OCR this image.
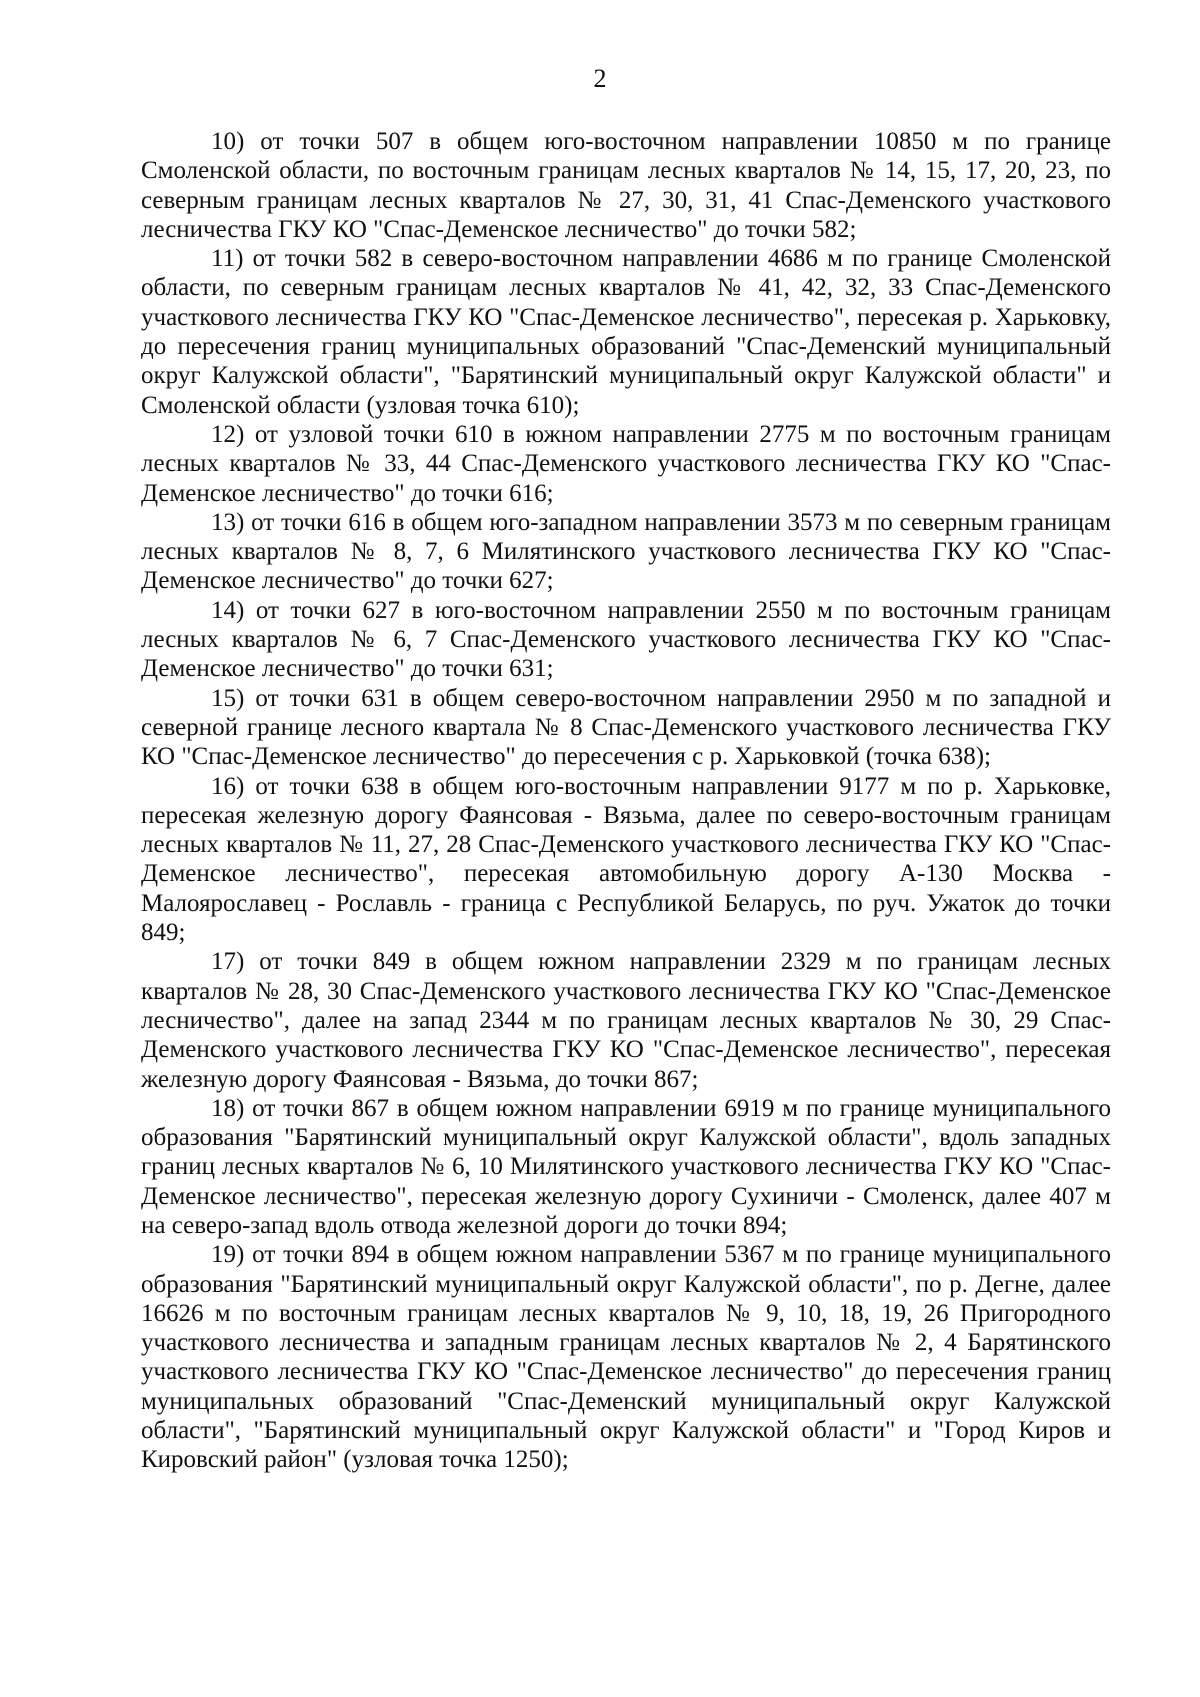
2

10) от точки 507 в общем юго-восточном направлении 10850 м по границе Смоленской области, по восточным границам лесных кварталов № 14, 15, 17, 20, 23, по северным границам лесных кварталов № 27, 30, 31, 41 Спас-Деменского участкового лесничества ГКУ КО "Спас-Деменское лесничество" до точки 582;

11) от точки 582 в северо-восточном направлении 4686 м по границе Смоленской области, по северным границам лесных кварталов № 41, 42, 32, 33 Спас-Деменского участкового лесничества ГКУ КО "Спас-Деменское лесничество", пересекая р. Харьковку, до пересечения границ муниципальных образований "Спас-Деменский муниципальный округ Калужской области", "Барятинский муниципальный округ Калужской области" и Смоленской области (узловая точка 610);

12) от узловой точки 610 в южном направлении 2775 м по восточным границам лесных кварталов № 33, 44 Спас-Деменского участкового лесничества ГКУ КО "Спас-Деменское лесничество" до точки 616;

13) от точки 616 в общем юго-западном направлении 3573 м по северным границам лесных кварталов № 8, 7, 6 Милятинского участкового лесничества ГКУ КО "Спас-Деменское лесничество" до точки 627;

14) от точки 627 в юго-восточном направлении 2550 м по восточным границам лесных кварталов № 6, 7 Спас-Деменского участкового лесничества ГКУ КО "Спас-Деменское лесничество" до точки 631;

15) от точки 631 в общем северо-восточном направлении 2950 м по западной и северной границе лесного квартала № 8 Спас-Деменского участкового лесничества ГКУ КО "Спас-Деменское лесничество" до пересечения с р. Харьковкой (точка 638);

16) от точки 638 в общем юго-восточным направлении 9177 м по р. Харьковке, пересекая железную дорогу Фаянсовая - Вязьма, далее по северо-восточным границам лесных кварталов № 11, 27, 28 Спас-Деменского участкового лесничества ГКУ КО "Спас-Деменское лесничество", пересекая автомобильную дорогу А-130 Москва - Малоярославец - Рославль - граница с Республикой Беларусь, по руч. Ужаток до точки 849;

17) от точки 849 в общем южном направлении 2329 м по границам лесных кварталов № 28, 30 Спас-Деменского участкового лесничества ГКУ КО "Спас-Деменское лесничество", далее на запад 2344 м по границам лесных кварталов № 30, 29 Спас-Деменского участкового лесничества ГКУ КО "Спас-Деменское лесничество", пересекая железную дорогу Фаянсовая - Вязьма, до точки 867;

18) от точки 867 в общем южном направлении 6919 м по границе муниципального образования "Барятинский муниципальный округ Калужской области", вдоль западных границ лесных кварталов № 6, 10 Милятинского участкового лесничества ГКУ КО "Спас-Деменское лесничество", пересекая железную дорогу Сухиничи - Смоленск, далее 407 м на северо-запад вдоль отвода железной дороги до точки 894;

19) от точки 894 в общем южном направлении 5367 м по границе муниципального образования "Барятинский муниципальный округ Калужской области", по р. Дегне, далее 16626 м по восточным границам лесных кварталов № 9, 10, 18, 19, 26 Пригородного участкового лесничества и западным границам лесных кварталов № 2, 4 Барятинского участкового лесничества ГКУ КО "Спас-Деменское лесничество" до пересечения границ муниципальных образований "Спас-Деменский муниципальный округ Калужской области", "Барятинский муниципальный округ Калужской области" и "Город Киров и Кировский район" (узловая точка 1250);
